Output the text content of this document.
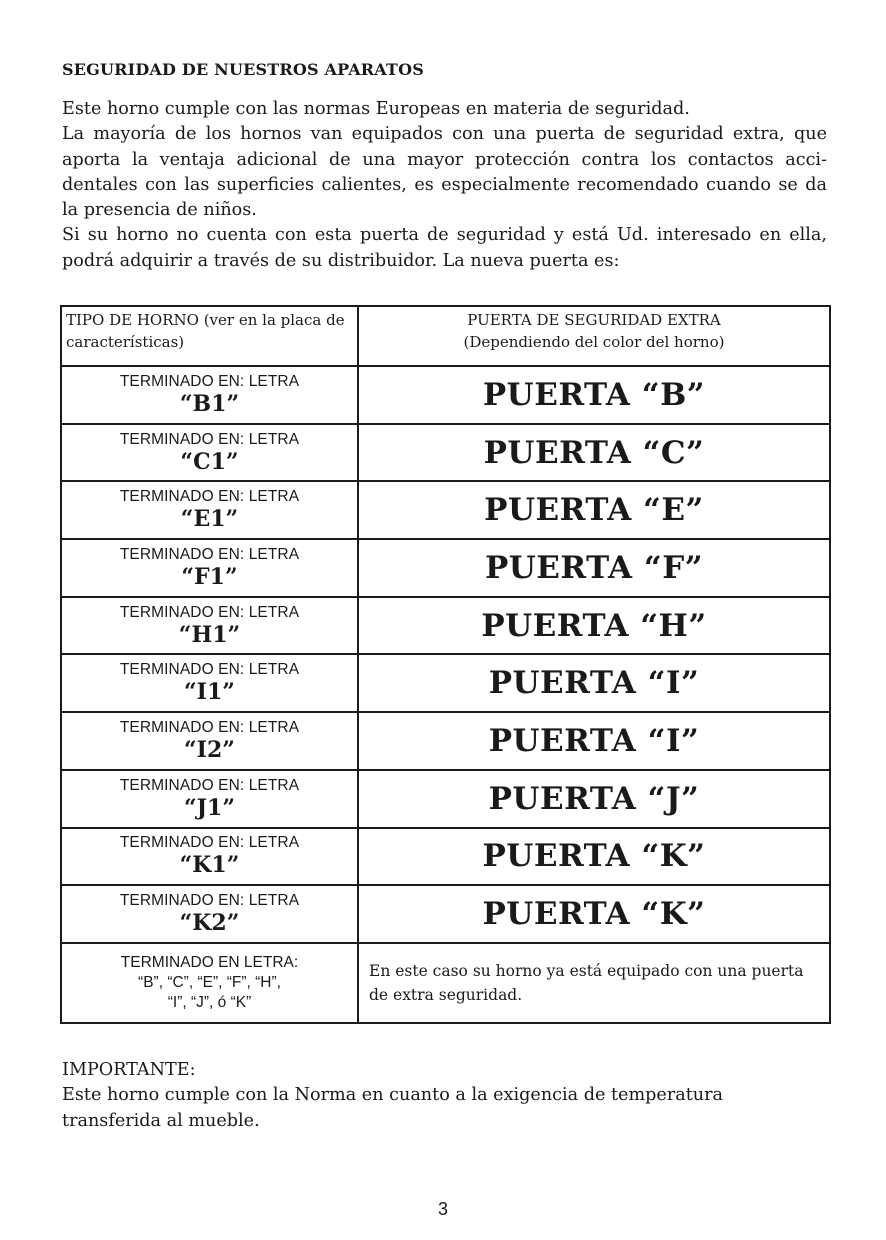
SEGURIDAD DE NUESTROS APARATOS

Este horno cumple con las normas Europeas en materia de seguridad.

La mayoría de los hornos van equipados con una puerta de seguridad extra, que aporta la ventaja adicional de una mayor protección contra los contactos acci- dentales con las superficies calientes, es especialmente recomendado cuando se da la presencia de niños.

Si su horno no cuenta con esta puerta de seguridad y está Ud. interesado en ella, podrá adquirir a través de su distribuidor. La nueva puerta es:

TIPO DE HORNO (ver en la placa de características)	PUERTA DE SEGURIDAD EXTRA
(Dependiendo del color del horno)

TERMINADO EN: LETRA
“B1”	PUERTA “B”

TERMINADO EN: LETRA
“C1”	PUERTA “C”

TERMINADO EN: LETRA
“E1”	PUERTA “E”

TERMINADO EN: LETRA
“F1”	PUERTA “F”

TERMINADO EN: LETRA
“H1”	PUERTA “H”

TERMINADO EN: LETRA
“I1”	PUERTA “I”

TERMINADO EN: LETRA
“I2”	PUERTA “I”

TERMINADO EN: LETRA
“J1”	PUERTA “J”

TERMINADO EN: LETRA
“K1”	PUERTA “K”

TERMINADO EN: LETRA
“K2”	PUERTA “K”

TERMINADO EN LETRA:
“B”, “C”, “E”, “F”, “H”,
“I”, “J”, ó “K”	En este caso su horno ya está equipado con una puerta de extra seguridad.

IMPORTANTE:

Este horno cumple con la Norma en cuanto a la exigencia de temperatura transferida al mueble.

3
